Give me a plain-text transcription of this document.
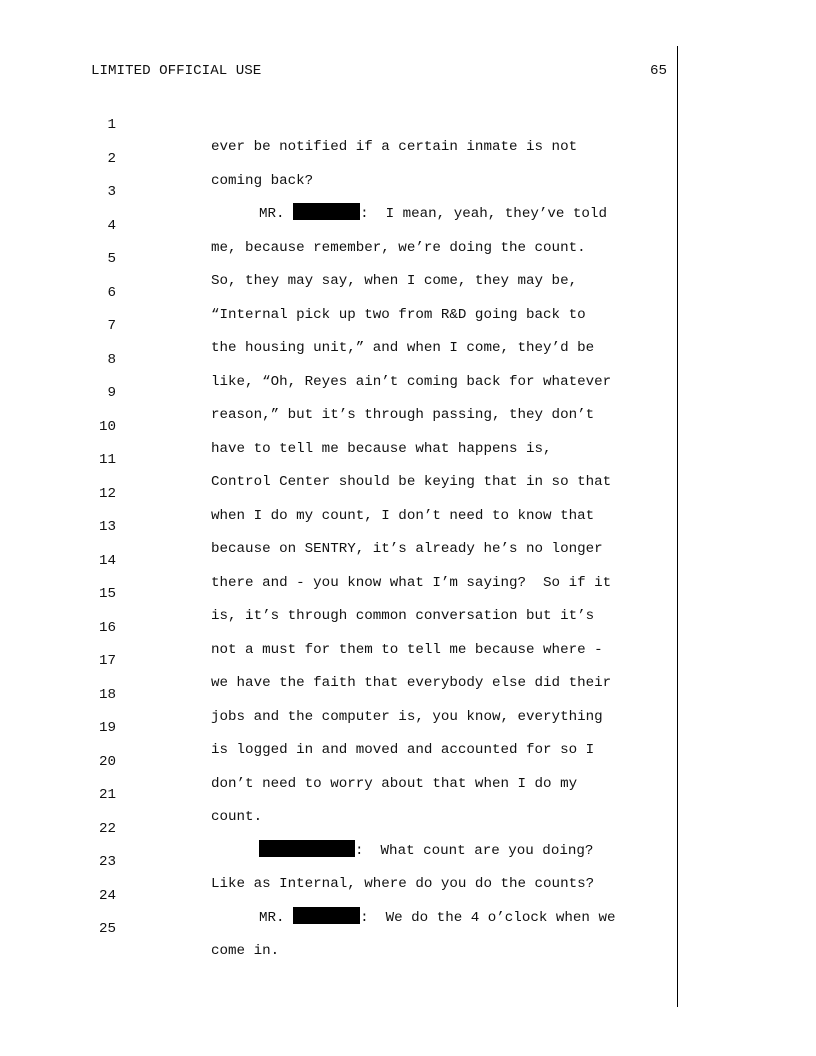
LIMITED OFFICIAL USE	65

1

ever be notified if a certain inmate is not

2

coming back?

3

MR.	:  I mean, yeah, they’ve told

4

me, because remember, we’re doing the count.

5

So, they may say, when I come, they may be,

6

“Internal pick up two from R&D going back to

7

the housing unit,” and when I come, they’d be

8

like, “Oh, Reyes ain’t coming back for whatever

9

reason,” but it’s through passing, they don’t

10

have to tell me because what happens is,

11

Control Center should be keying that in so that

12

when I do my count, I don’t need to know that

13

because on SENTRY, it’s already he’s no longer

14

there and - you know what I’m saying?  So if it

15

is, it’s through common conversation but it’s

16

not a must for them to tell me because where -

17

we have the faith that everybody else did their

18

jobs and the computer is, you know, everything

19

is logged in and moved and accounted for so I

20

don’t need to worry about that when I do my

21

count.

22

:  What count are you doing?

23

Like as Internal, where do you do the counts?

24

MR.	:  We do the 4 o’clock when we

25

come in.
